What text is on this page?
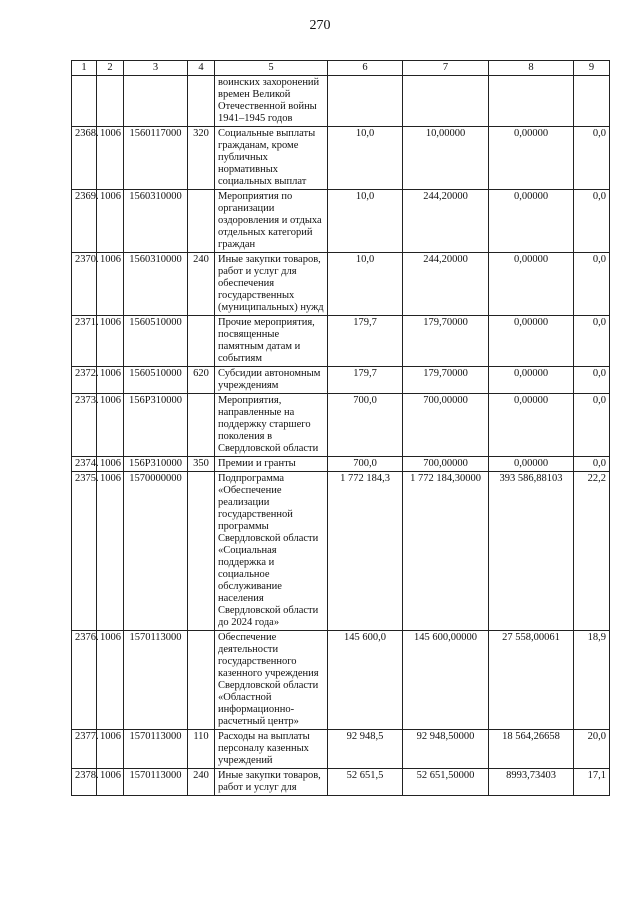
270
1	2	3	4	5	6	7	8	9
				воинских захоронений времен Великой Отечественной войны 1941–1945 годов				
2368.	1006	1560117000	320	Социальные выплаты гражданам, кроме публичных нормативных социальных выплат	10,0	10,00000	0,00000	0,0
2369.	1006	1560310000		Мероприятия по организации оздоровления и отдыха отдельных категорий граждан	10,0	244,20000	0,00000	0,0
2370.	1006	1560310000	240	Иные закупки товаров, работ и услуг для обеспечения государственных (муниципальных) нужд	10,0	244,20000	0,00000	0,0
2371.	1006	1560510000		Прочие мероприятия, посвященные памятным датам и событиям	179,7	179,70000	0,00000	0,0
2372.	1006	1560510000	620	Субсидии автономным учреждениям	179,7	179,70000	0,00000	0,0
2373.	1006	156P310000		Мероприятия, направленные на поддержку старшего поколения в Свердловской области	700,0	700,00000	0,00000	0,0
2374.	1006	156P310000	350	Премии и гранты	700,0	700,00000	0,00000	0,0
2375.	1006	1570000000		Подпрограмма «Обеспечение реализации государственной программы Свердловской области «Социальная поддержка и социальное обслуживание населения Свердловской области до 2024 года»	1 772 184,3	1 772 184,30000	393 586,88103	22,2
2376.	1006	1570113000		Обеспечение деятельности государственного казенного учреждения Свердловской области «Областной информационно-расчетный центр»	145 600,0	145 600,00000	27 558,00061	18,9
2377.	1006	1570113000	110	Расходы на выплаты персоналу казенных учреждений	92 948,5	92 948,50000	18 564,26658	20,0
2378.	1006	1570113000	240	Иные закупки товаров, работ и услуг для	52 651,5	52 651,50000	8993,73403	17,1
